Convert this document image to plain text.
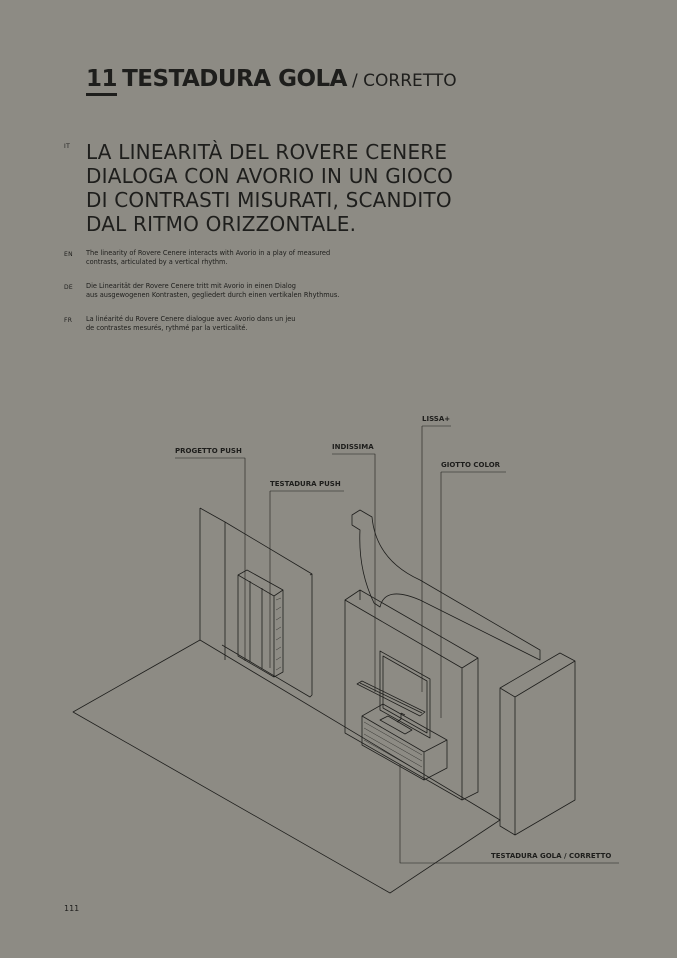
11 TESTADURA GOLA / CORRETTO
IT LA LINEARITÀ DEL ROVERE CENERE
DIALOGA CON AVORIO IN UN GIOCO
DI CONTRASTI MISURATI, SCANDITO
DAL RITMO ORIZZONTALE.
EN The linearity of Rovere Cenere interacts with Avorio in a play of measured
contrasts, articulated by a vertical rhythm.
DE Die Linearität der Rovere Cenere tritt mit Avorio in einen Dialog
aus ausgewogenen Kontrasten, gegliedert durch einen vertikalen Rhythmus.
FR La linéarité du Rovere Cenere dialogue avec Avorio dans un jeu
de contrastes mesurés, rythmé par la verticalité.
LISSA+
INDISSIMA
PROGETTO PUSH
GIOTTO COLOR
TESTADURA PUSH
TESTADURA GOLA / CORRETTO
111
